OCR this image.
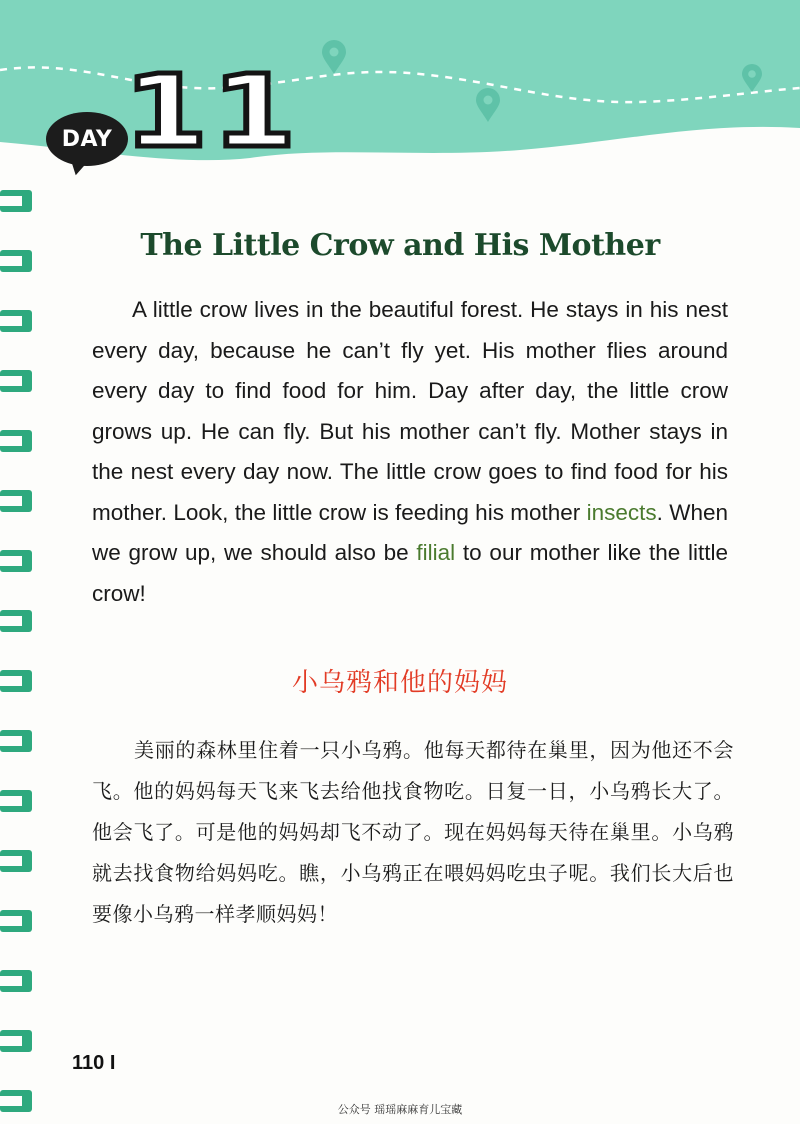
DAY 11
The Little Crow and His Mother

A little crow lives in the beautiful forest. He stays in his nest every day, because he can’t fly yet. His mother flies around every day to find food for him. Day after day, the little crow grows up. He can fly. But his mother can’t fly. Mother stays in the nest every day now. The little crow goes to find food for his mother. Look, the little crow is feeding his mother insects. When we grow up, we should also be filial to our mother like the little crow!

小乌鸦和他的妈妈

美丽的森林里住着一只小乌鸦。他每天都待在巢里，因为他还不会飞。他的妈妈每天飞来飞去给他找食物吃。日复一日，小乌鸦长大了。他会飞了。可是他的妈妈却飞不动了。现在妈妈每天待在巢里。小乌鸦就去找食物给妈妈吃。瞧，小乌鸦正在喂妈妈吃虫子呢。我们长大后也要像小乌鸦一样孝顺妈妈！

110 I
公众号 瑶瑶麻麻育儿宝藏
